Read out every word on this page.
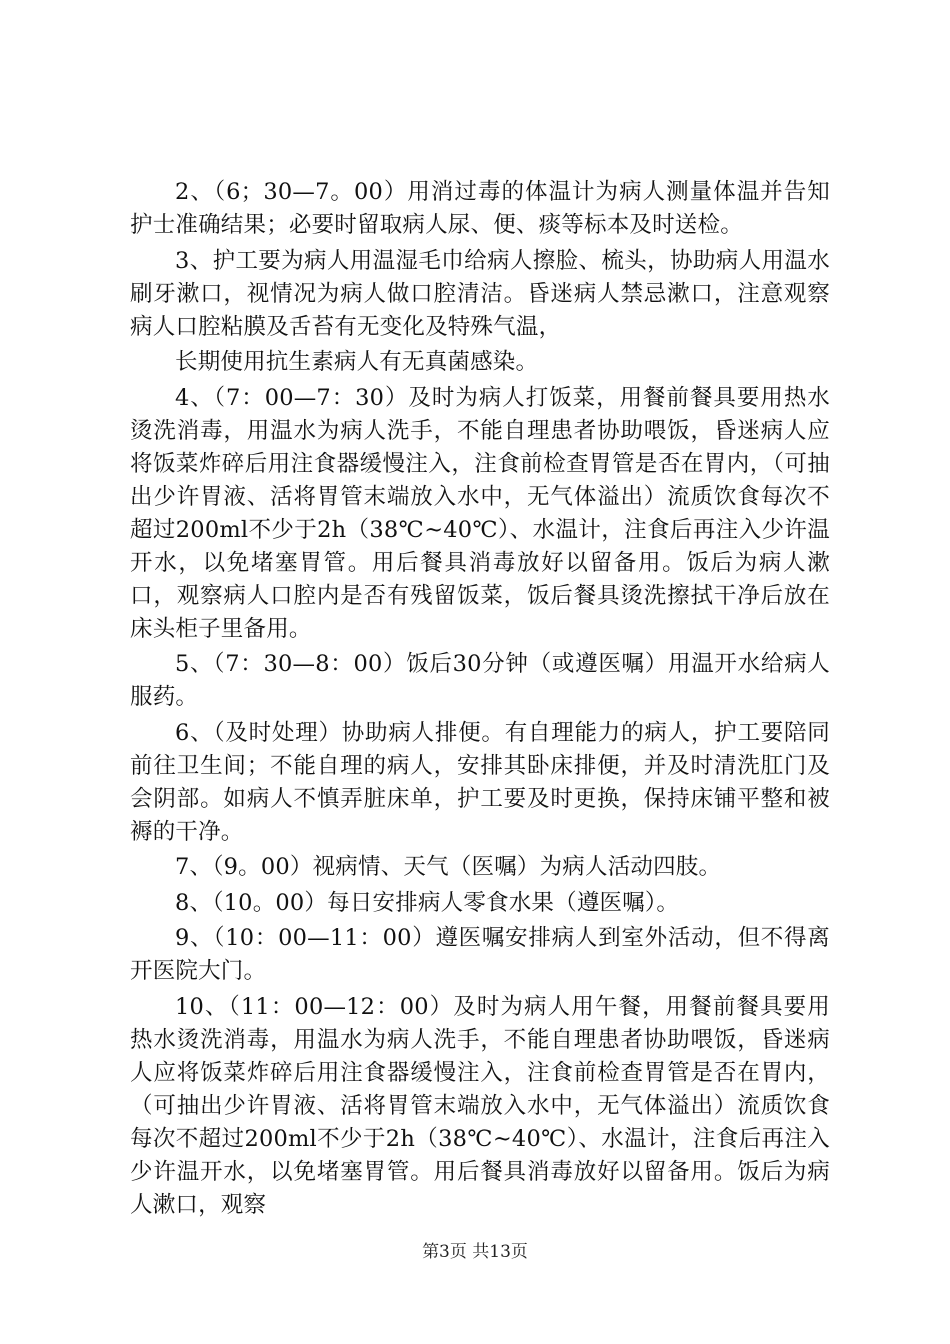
2、（6；30—7。00）用消过毒的体温计为病人测量体温并告知护士准确结果；必要时留取病人尿、便、痰等标本及时送检。

3、护工要为病人用温湿毛巾给病人擦脸、梳头，协助病人用温水刷牙漱口，视情况为病人做口腔清洁。昏迷病人禁忌漱口，注意观察病人口腔粘膜及舌苔有无变化及特殊气温，

长期使用抗生素病人有无真菌感染。

4、（7：00—7：30）及时为病人打饭菜，用餐前餐具要用热水烫洗消毒，用温水为病人洗手，不能自理患者协助喂饭，昏迷病人应将饭菜炸碎后用注食器缓慢注入，注食前检查胃管是否在胃内，（可抽出少许胃液、活将胃管末端放入水中，无气体溢出）流质饮食每次不超过200ml不少于2h（38℃~40℃）、水温计，注食后再注入少许温开水，以免堵塞胃管。用后餐具消毒放好以留备用。饭后为病人漱口，观察病人口腔内是否有残留饭菜，饭后餐具烫洗擦拭干净后放在床头柜子里备用。

5、（7：30—8：00）饭后30分钟（或遵医嘱）用温开水给病人服药。

6、（及时处理）协助病人排便。有自理能力的病人，护工要陪同前往卫生间；不能自理的病人，安排其卧床排便，并及时清洗肛门及会阴部。如病人不慎弄脏床单，护工要及时更换，保持床铺平整和被褥的干净。

7、（9。00）视病情、天气（医嘱）为病人活动四肢。

8、（10。00）每日安排病人零食水果（遵医嘱）。

9、（10：00—11：00）遵医嘱安排病人到室外活动，但不得离开医院大门。

10、（11：00—12：00）及时为病人用午餐，用餐前餐具要用热水烫洗消毒，用温水为病人洗手，不能自理患者协助喂饭，昏迷病人应将饭菜炸碎后用注食器缓慢注入，注食前检查胃管是否在胃内，（可抽出少许胃液、活将胃管末端放入水中，无气体溢出）流质饮食每次不超过200ml不少于2h（38℃~40℃）、水温计，注食后再注入少许温开水，以免堵塞胃管。用后餐具消毒放好以留备用。饭后为病人漱口，观察

第3页 共13页
